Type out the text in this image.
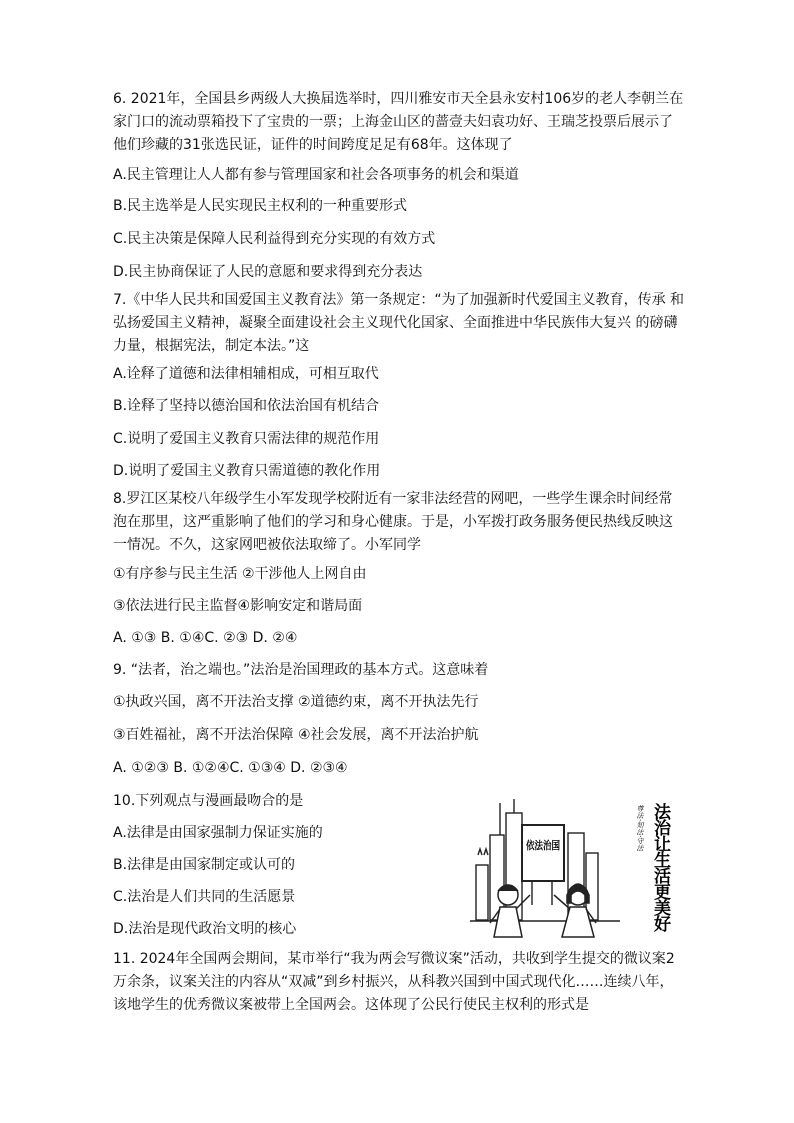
6. 2021年，全国县乡两级人大换届选举时，四川雅安市天全县永安村106岁的老人李朝兰在家门口的流动票箱投下了宝贵的一票；上海金山区的蔷壹夫妇袁功好、王瑞芝投票后展示了他们珍藏的31张选民证，证件的时间跨度足足有68年。这体现了
A.民主管理让人人都有参与管理国家和社会各项事务的机会和渠道
B.民主选举是人民实现民主权利的一种重要形式
C.民主决策是保障人民利益得到充分实现的有效方式
D.民主协商保证了人民的意愿和要求得到充分表达
7.《中华人民共和国爱国主义教育法》第一条规定：“为了加强新时代爱国主义教育，传承 和弘扬爱国主义精神，凝聚全面建设社会主义现代化国家、全面推进中华民族伟大复兴 的磅礴力量，根据宪法，制定本法。”这
A.诠释了道德和法律相辅相成，可相互取代
B.诠释了坚持以德治国和依法治国有机结合
C.说明了爱国主义教育只需法律的规范作用
D.说明了爱国主义教育只需道德的教化作用
8.罗江区某校八年级学生小军发现学校附近有一家非法经营的网吧，一些学生课余时间经常泡在那里，这严重影响了他们的学习和身心健康。于是，小军拨打政务服务便民热线反映这一情况。不久，这家网吧被依法取缔了。小军同学
①有序参与民主生活 ②干涉他人上网自由
③依法进行民主监督④影响安定和谐局面
A. ①③ B. ①④C. ②③ D. ②④
9. “法者，治之端也。”法治是治国理政的基本方式。这意味着
①执政兴国，离不开法治支撑 ②道德约束，离不开执法先行
③百姓福祉，离不开法治保障 ④社会发展，离不开法治护航
A. ①②③ B. ①②④C. ①③④ D. ②③④
10.下列观点与漫画最吻合的是
A.法律是由国家强制力保证实施的
B.法律是由国家制定或认可的
C.法治是人们共同的生活愿景
D.法治是现代政治文明的核心
依法治国	尊法·知法·守法 法治让生活更美好
11. 2024年全国两会期间，某市举行“我为两会写微议案”活动，共收到学生提交的微议案2万余条，议案关注的内容从“双减”到乡村振兴，从科教兴国到中国式现代化……连续八年，该地学生的优秀微议案被带上全国两会。这体现了公民行使民主权利的形式是
